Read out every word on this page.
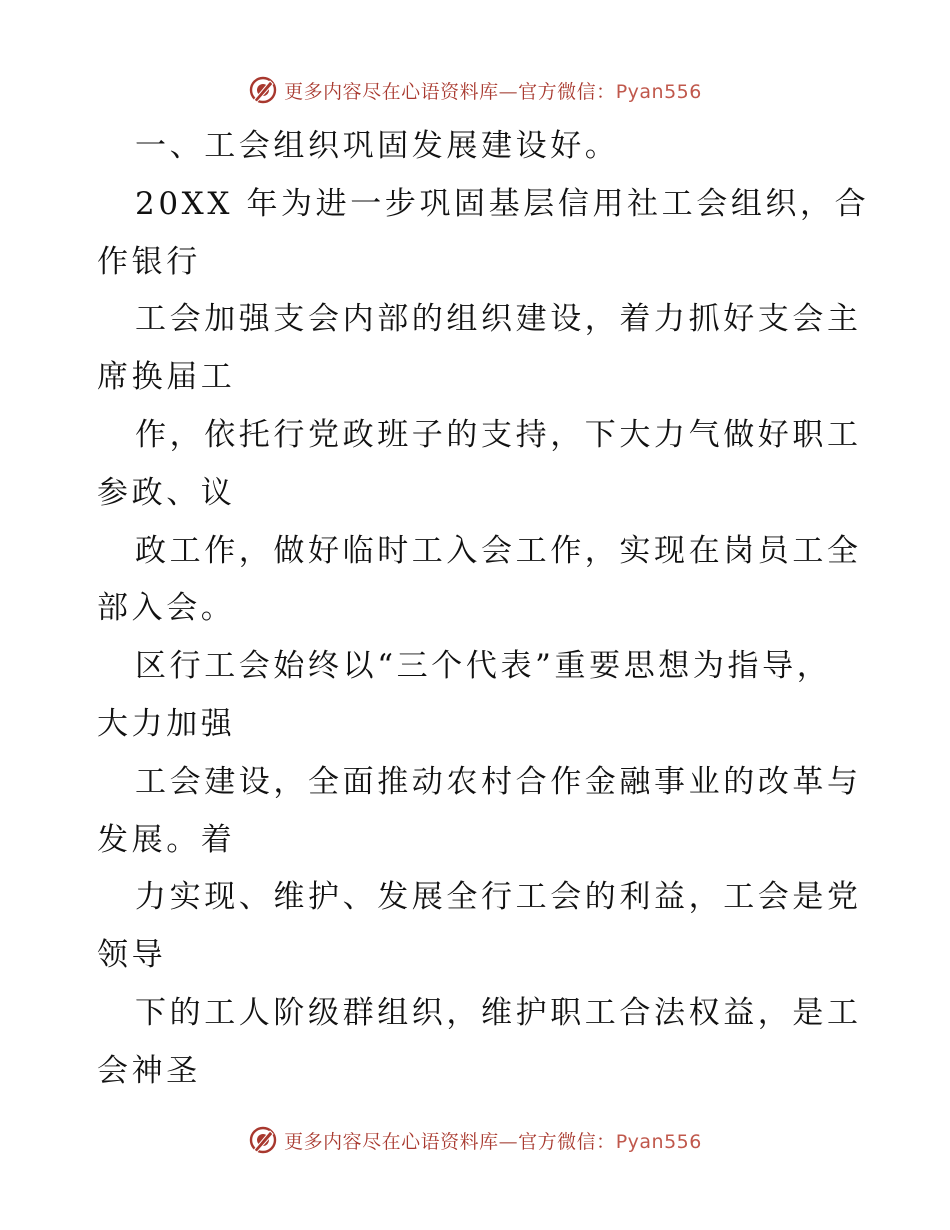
更多内容尽在心语资料库—官方微信：Pyan556
一、工会组织巩固发展建设好。
20XX 年为进一步巩固基层信用社工会组织，合
作银行
工会加强支会内部的组织建设，着力抓好支会主
席换届工
作，依托行党政班子的支持，下大力气做好职工
参政、议
政工作，做好临时工入会工作，实现在岗员工全
部入会。
区行工会始终以“三个代表”重要思想为指导，
大力加强
工会建设，全面推动农村合作金融事业的改革与
发展。着
力实现、维护、发展全行工会的利益，工会是党
领导
下的工人阶级群组织，维护职工合法权益，是工
会神圣
更多内容尽在心语资料库—官方微信：Pyan556
